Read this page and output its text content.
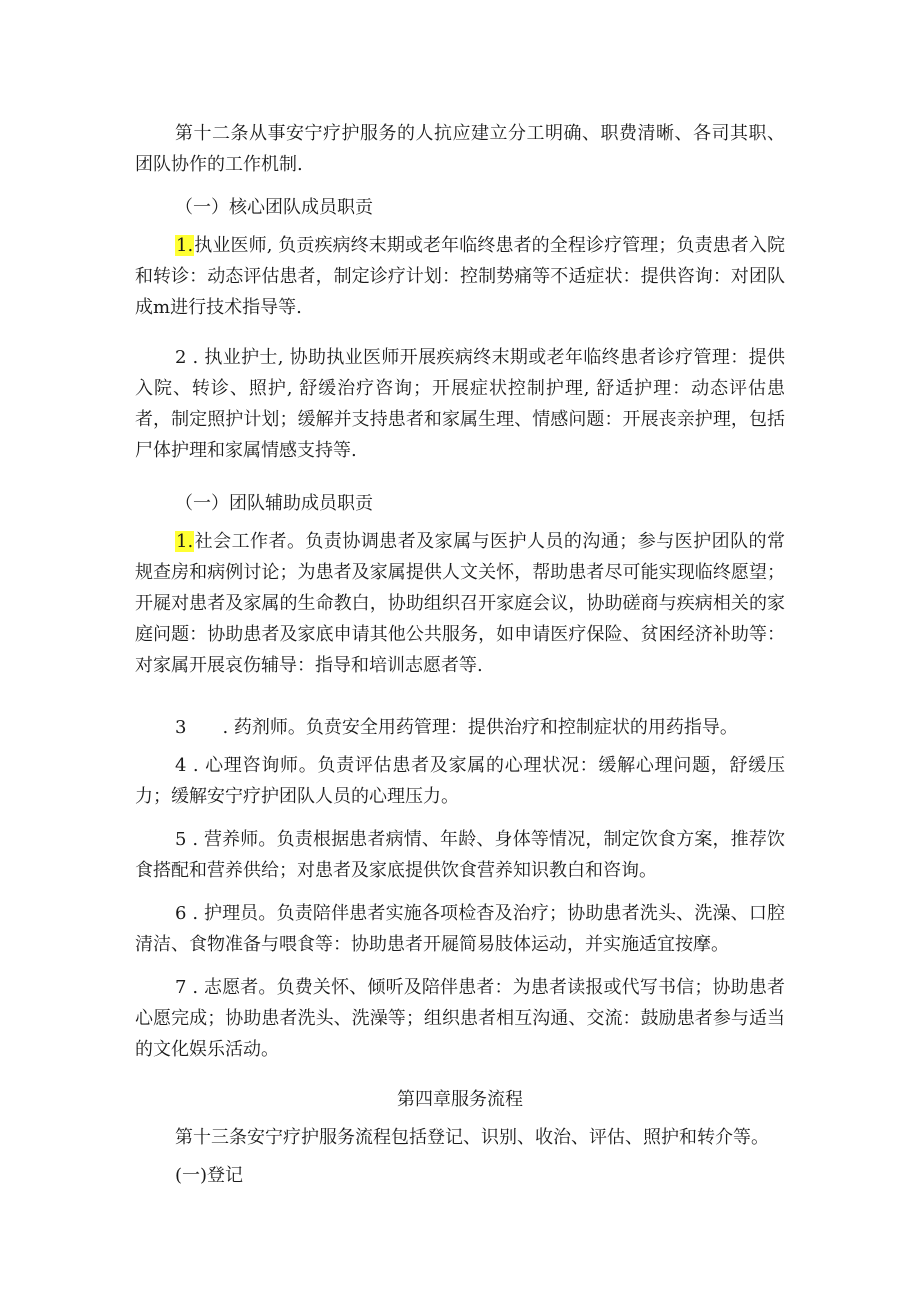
第十二条从事安宁疗护服务的人抗应建立分工明确、职费清晰、各司其职、团队协作的工作机制.

（一）核心团队成员职贡

1.执业医师, 负贡疾病终末期或老年临终患者的全程诊疗管理；负责患者入院和转诊：动态评估患者，制定诊疗计划：控制势痛等不适症状：提供咨询：对团队成m进行技术指导等.

2 . 执业护士, 协助执业医师开展疾病终末期或老年临终患者诊疗管理：提供入院、转诊、照护, 舒缓治疗咨询；开展症状控制护理, 舒适护理：动态评估患者，制定照护计划；缓解并支持患者和家属生理、情感问题：开展丧亲护理，包括尸体护理和家属情感支持等.

（一）团队辅助成员职贡

1.社会工作者。负责协调患者及家属与医护人员的沟通；参与医护团队的常规查房和病例讨论；为患者及家属提供人文关怀，帮助患者尽可能实现临终愿望；开屣对患者及家属的生命教白，协助组织召开家庭会议，协助磋商与疾病相关的家庭问题：协助患者及家底申请其他公共服务，如申请医疗保险、贫困经济补助等：对家属开展哀伤辅导：指导和培训志愿者等.

3　　. 药剂师。负贲安全用药管理：提供治疗和控制症状的用药指导。

4 . 心理咨询师。负责评估患者及家属的心理状况：缓解心理问题，舒缓压力；缓解安宁疗护团队人员的心理压力。

5 . 营养师。负责根据患者病情、年龄、身体等情况，制定饮食方案，推荐饮食搭配和营养供给；对患者及家底提供饮食营养知识教白和咨询。

6 . 护理员。负责陪伴患者实施各项检杳及治疗；协助患者洗头、洗澡、口腔清洁、食物准备与喂食等：协助患者开屣简易肢体运动，并实施适宜按摩。

7 . 志愿者。负费关怀、倾听及陪伴患者：为患者读报或代写书信；协助患者心愿完成；协助患者洗头、洗澡等；组织患者相互沟通、交流：鼓励患者参与适当的文化娱乐活动。

第四章服务流程

第十三条安宁疗护服务流程包括登记、识别、收治、评估、照护和转介等。

(一)登记
